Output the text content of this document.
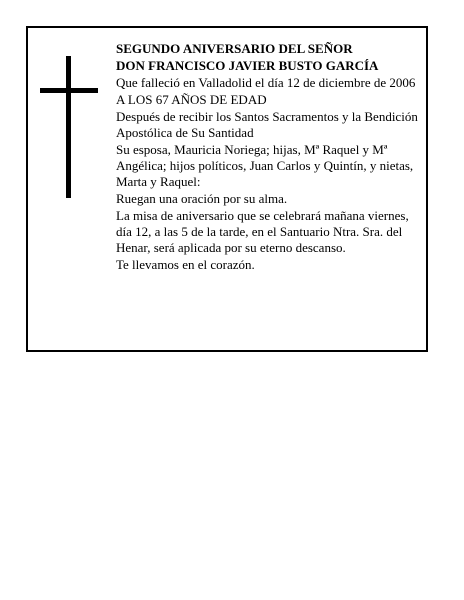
SEGUNDO ANIVERSARIO DEL SEÑOR

DON FRANCISCO JAVIER BUSTO GARCÍA

Que falleció en Valladolid el día 12 de diciembre de 2006

A LOS 67 AÑOS DE EDAD

Después de recibir los Santos Sacramentos y la Bendición Apostólica de Su Santidad

Su esposa, Mauricia Noriega; hijas, Mª Raquel y Mª Angélica; hijos políticos, Juan Carlos y Quintín, y nietas, Marta y Raquel:

Ruegan una oración por su alma.

La misa de aniversario que se celebrará mañana viernes, día 12, a las 5 de la tarde, en el Santuario Ntra. Sra. del Henar, será aplicada por su eterno descanso.

Te llevamos en el corazón.
